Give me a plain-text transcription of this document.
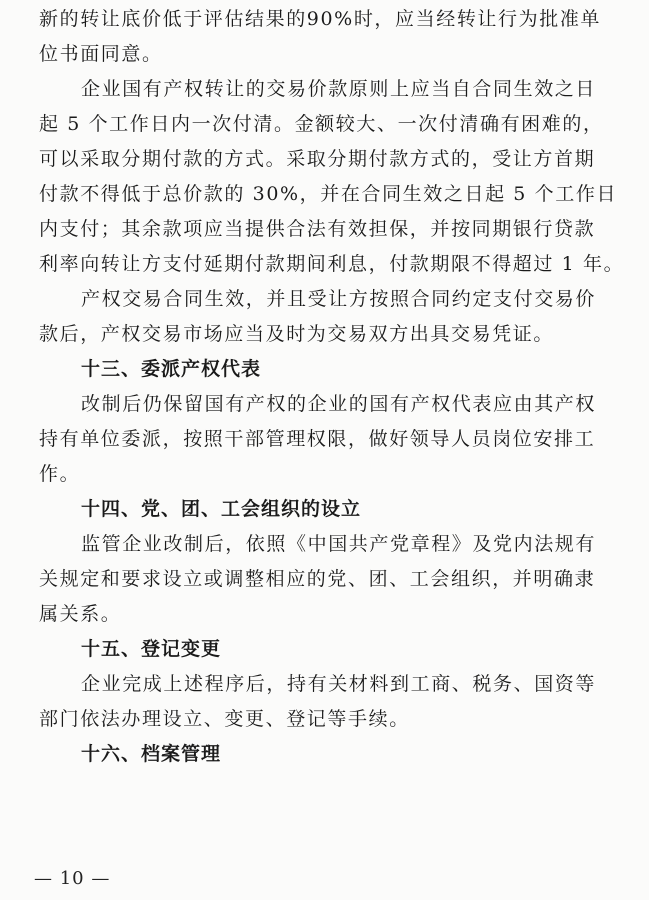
新的转让底价低于评估结果的90%时，应当经转让行为批准单
位书面同意。
企业国有产权转让的交易价款原则上应当自合同生效之日
起 5 个工作日内一次付清。金额较大、一次付清确有困难的，
可以采取分期付款的方式。采取分期付款方式的，受让方首期
付款不得低于总价款的 30%，并在合同生效之日起 5 个工作日
内支付；其余款项应当提供合法有效担保，并按同期银行贷款
利率向转让方支付延期付款期间利息，付款期限不得超过 1 年。
产权交易合同生效，并且受让方按照合同约定支付交易价
款后，产权交易市场应当及时为交易双方出具交易凭证。
十三、委派产权代表
改制后仍保留国有产权的企业的国有产权代表应由其产权
持有单位委派，按照干部管理权限，做好领导人员岗位安排工
作。
十四、党、团、工会组织的设立
监管企业改制后，依照《中国共产党章程》及党内法规有
关规定和要求设立或调整相应的党、团、工会组织，并明确隶
属关系。
十五、登记变更
企业完成上述程序后，持有关材料到工商、税务、国资等
部门依法办理设立、变更、登记等手续。
十六、档案管理
— 10 —
